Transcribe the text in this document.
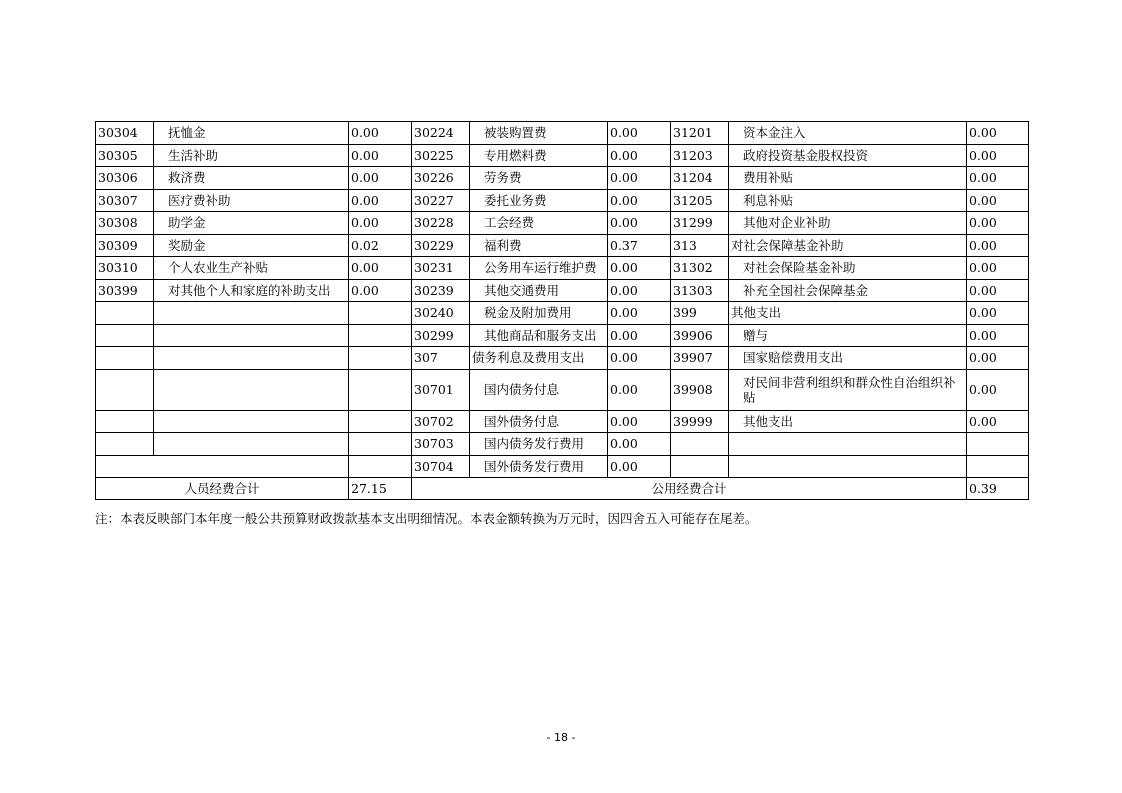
30304	抚恤金	0.00	30224	被装购置费	0.00	31201	资本金注入	0.00
30305	生活补助	0.00	30225	专用燃料费	0.00	31203	政府投资基金股权投资	0.00
30306	救济费	0.00	30226	劳务费	0.00	31204	费用补贴	0.00
30307	医疗费补助	0.00	30227	委托业务费	0.00	31205	利息补贴	0.00
30308	助学金	0.00	30228	工会经费	0.00	31299	其他对企业补助	0.00
30309	奖励金	0.02	30229	福利费	0.37	313	对社会保障基金补助	0.00
30310	个人农业生产补贴	0.00	30231	公务用车运行维护费	0.00	31302	对社会保险基金补助	0.00
30399	对其他个人和家庭的补助支出	0.00	30239	其他交通费用	0.00	31303	补充全国社会保障基金	0.00
			30240	税金及附加费用	0.00	399	其他支出	0.00
			30299	其他商品和服务支出	0.00	39906	赠与	0.00
			307	债务利息及费用支出	0.00	39907	国家赔偿费用支出	0.00
			30701	国内债务付息	0.00	39908	对民间非营利组织和群众性自治组织补贴	0.00
			30702	国外债务付息	0.00	39999	其他支出	0.00
			30703	国内债务发行费用	0.00			
			30704	国外债务发行费用	0.00			
人员经费合计		27.15	公用经费合计					0.39
注：本表反映部门本年度一般公共预算财政拨款基本支出明细情况。本表金额转换为万元时，因四舍五入可能存在尾差。
- 18 -
